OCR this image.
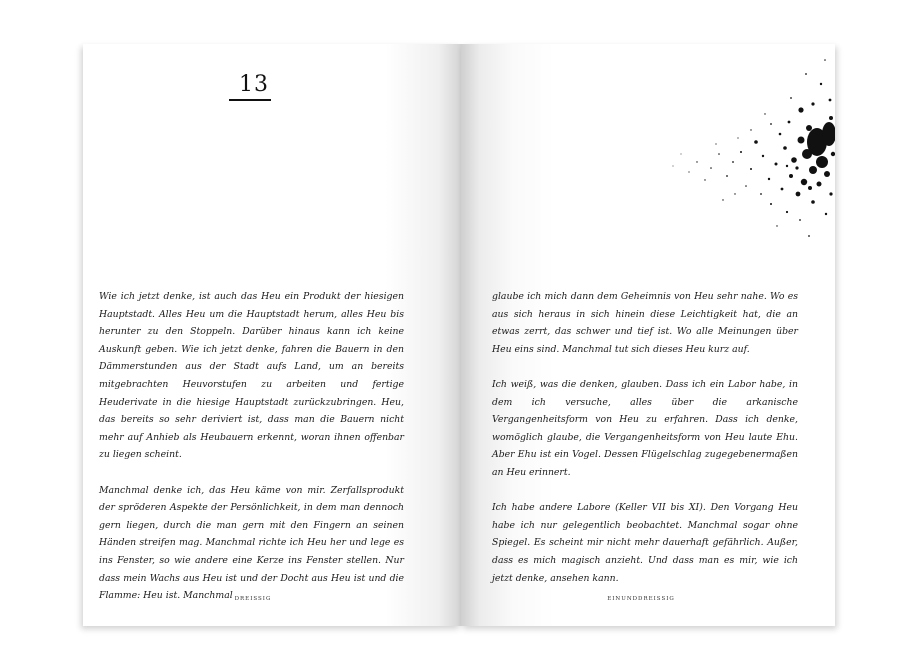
13

Wie ich jetzt denke, ist auch das Heu ein Produkt der hiesigen Hauptstadt. Alles Heu um die Hauptstadt herum, alles Heu bis herunter zu den Stoppeln. Darüber hinaus kann ich keine Auskunft geben. Wie ich jetzt denke, fahren die Bauern in den Dämmerstunden aus der Stadt aufs Land, um an bereits mitgebrachten Heuvorstufen zu arbeiten und fertige Heuderivate in die hiesige Hauptstadt zurückzubringen. Heu, das bereits so sehr deriviert ist, dass man die Bauern nicht mehr auf Anhieb als Heubauern erkennt, woran ihnen offenbar zu liegen scheint.

Manchmal denke ich, das Heu käme von mir. Zerfallsprodukt der spröderen Aspekte der Persönlichkeit, in dem man dennoch gern liegen, durch die man gern mit den Fingern an seinen Händen streifen mag. Manchmal richte ich Heu her und lege es ins Fenster, so wie andere eine Kerze ins Fenster stellen. Nur dass mein Wachs aus Heu ist und der Docht aus Heu ist und die Flamme: Heu ist. Manchmal DREISSIG

glaube ich mich dann dem Geheimnis von Heu sehr nahe. Wo es aus sich heraus in sich hinein diese Leichtigkeit hat, die an etwas zerrt, das schwer und tief ist. Wo alle Meinungen über Heu eins sind. Manchmal tut sich dieses Heu kurz auf.

Ich weiß, was die denken, glauben. Dass ich ein Labor habe, in dem ich versuche, alles über die arkanische Vergangenheitsform von Heu zu erfahren. Dass ich denke, womöglich glaube, die Vergangenheitsform von Heu laute Ehu. Aber Ehu ist ein Vogel. Dessen Flügelschlag zugegebenermaßen an Heu erinnert.

Ich habe andere Labore (Keller VII bis XI). Den Vorgang Heu habe ich nur gelegentlich beobachtet. Manchmal sogar ohne Spiegel. Es scheint mir nicht mehr dauerhaft gefährlich. Außer, dass es mich magisch anzieht. Und dass man es mir, wie ich jetzt denke, ansehen kann.

EINUNDDREISSIG
